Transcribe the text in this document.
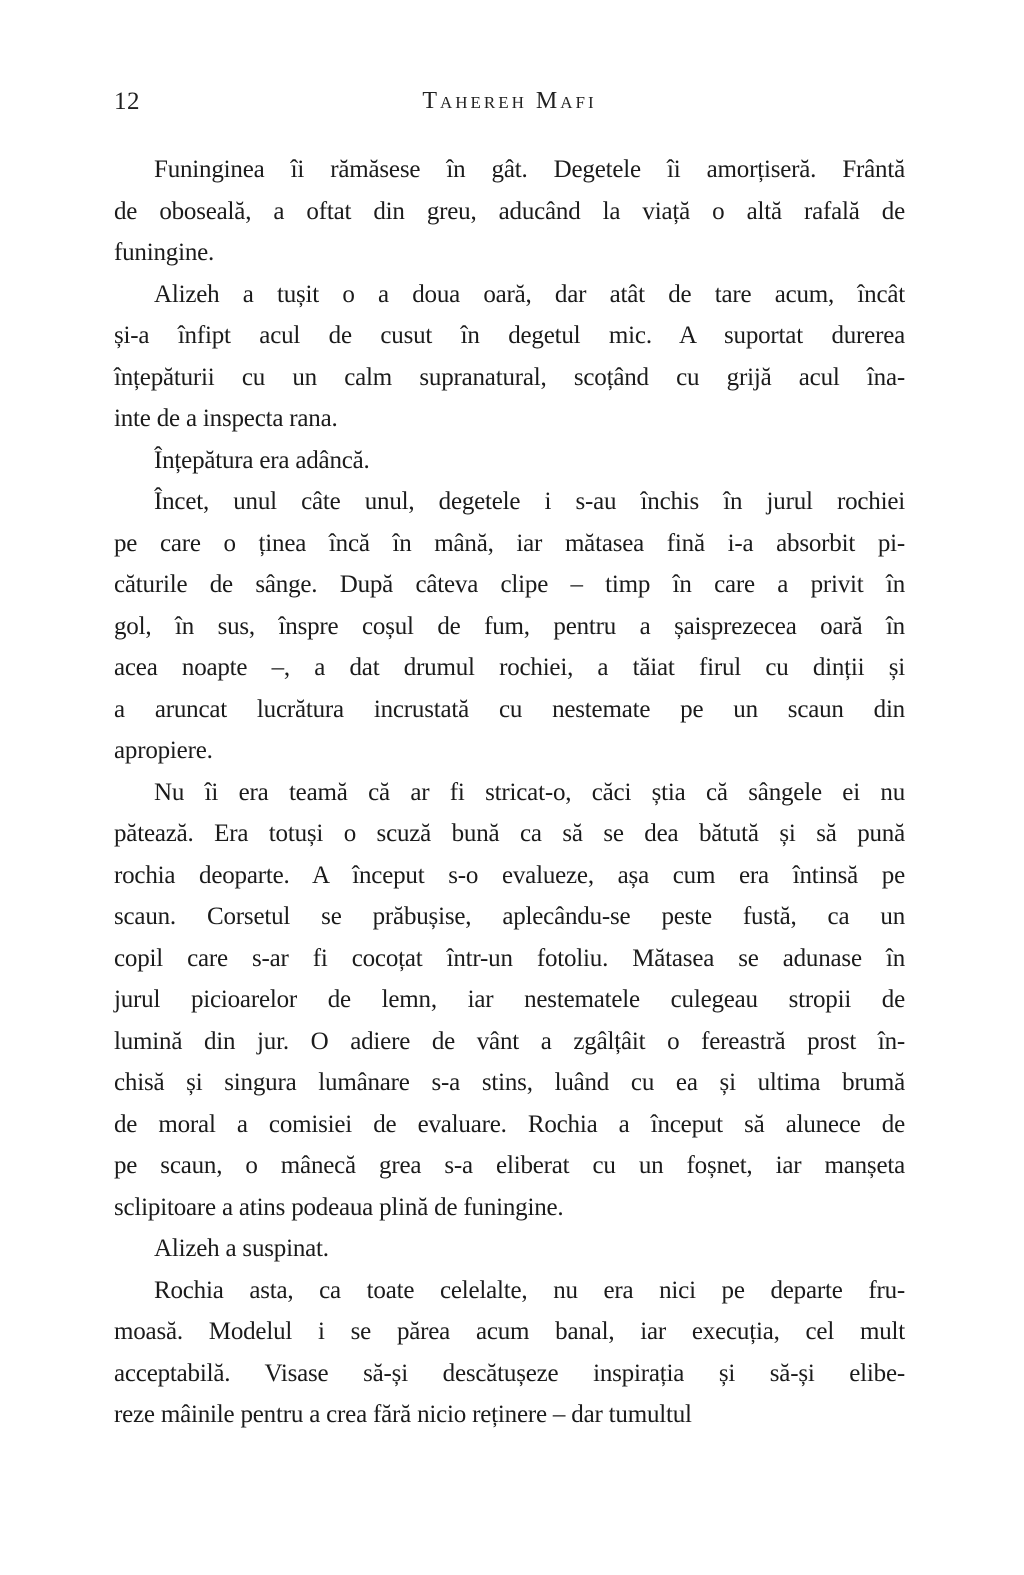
12	Tahereh Mafi
Funinginea îi rămăsese în gât. Degetele îi amorțiseră. Frântă
de oboseală, a oftat din greu, aducând la viață o altă rafală de
funingine.
Alizeh a tușit o a doua oară, dar atât de tare acum, încât
și-a înfipt acul de cusut în degetul mic. A suportat durerea
înțepăturii cu un calm supranatural, scoțând cu grijă acul îna-
inte de a inspecta rana.
Înțepătura era adâncă.
Încet, unul câte unul, degetele i s-au închis în jurul rochiei
pe care o ținea încă în mână, iar mătasea fină i-a absorbit pi-
căturile de sânge. După câteva clipe – timp în care a privit în
gol, în sus, înspre coșul de fum, pentru a șaisprezecea oară în
acea noapte –, a dat drumul rochiei, a tăiat firul cu dinții și
a aruncat lucrătura incrustată cu nestemate pe un scaun din
apropiere.
Nu îi era teamă că ar fi stricat-o, căci știa că sângele ei nu
pătează. Era totuși o scuză bună ca să se dea bătută și să pună
rochia deoparte. A început s-o evalueze, așa cum era întinsă pe
scaun. Corsetul se prăbușise, aplecându-se peste fustă, ca un
copil care s-ar fi cocoțat într-un fotoliu. Mătasea se adunase în
jurul picioarelor de lemn, iar nestematele culegeau stropii de
lumină din jur. O adiere de vânt a zgâlțâit o fereastră prost în-
chisă și singura lumânare s-a stins, luând cu ea și ultima brumă
de moral a comisiei de evaluare. Rochia a început să alunece de
pe scaun, o mânecă grea s-a eliberat cu un foșnet, iar manșeta
sclipitoare a atins podeaua plină de funingine.
Alizeh a suspinat.
Rochia asta, ca toate celelalte, nu era nici pe departe fru-
moasă. Modelul i se părea acum banal, iar execuția, cel mult
acceptabilă. Visase să-și descătușeze inspirația și să-și elibe-
reze mâinile pentru a crea fără nicio reținere – dar tumultul
